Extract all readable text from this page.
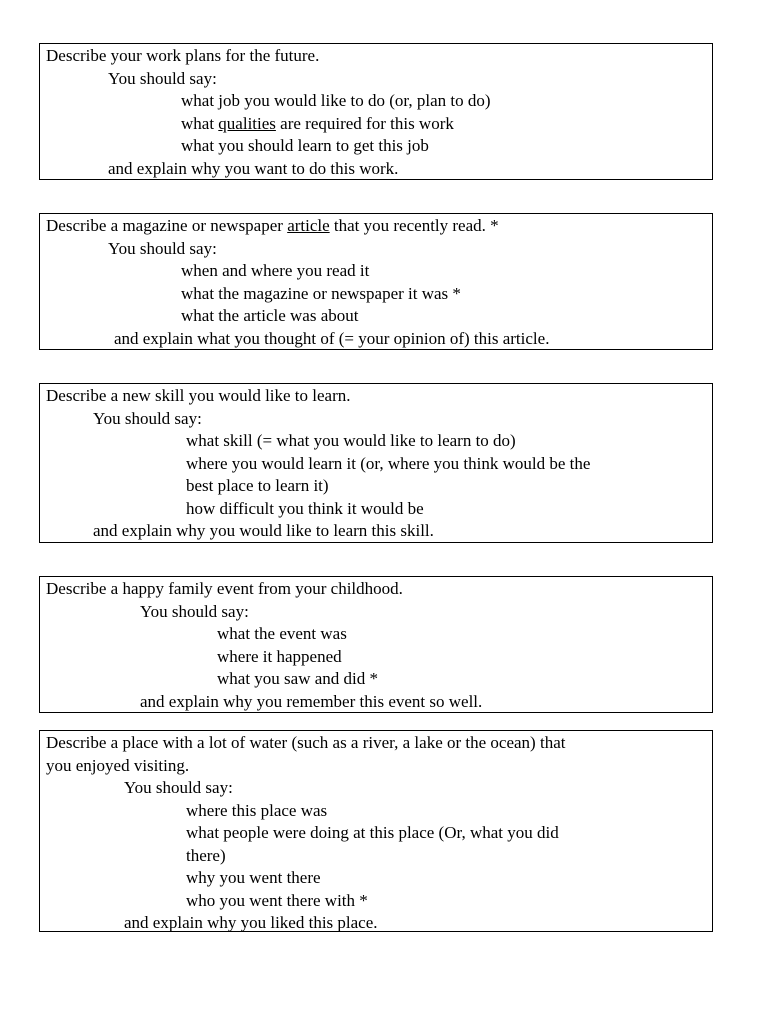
Describe your work plans for the future.
You should say:
what job you would like to do (or, plan to do)
what qualities are required for this work
what you should learn to get this job
and explain why you want to do this work.
Describe a magazine or newspaper article that you recently read. *
You should say:
when and where you read it
what the magazine or newspaper it was *
what the article was about
and explain what you thought of (= your opinion of) this article.
Describe a new skill you would like to learn.
You should say:
what skill (= what you would like to learn to do)
where you would learn it (or, where you think would be the
best place to learn it)
how difficult you think it would be
and explain why you would like to learn this skill.
Describe a happy family event from your childhood.
You should say:
what the event was
where it happened
what you saw and did *
and explain why you remember this event so well.
Describe a place with a lot of water (such as a river, a lake or the ocean) that
you enjoyed visiting.
You should say:
where this place was
what people were doing at this place (Or, what you did
there)
why you went there
who you went there with *
and explain why you liked this place.
